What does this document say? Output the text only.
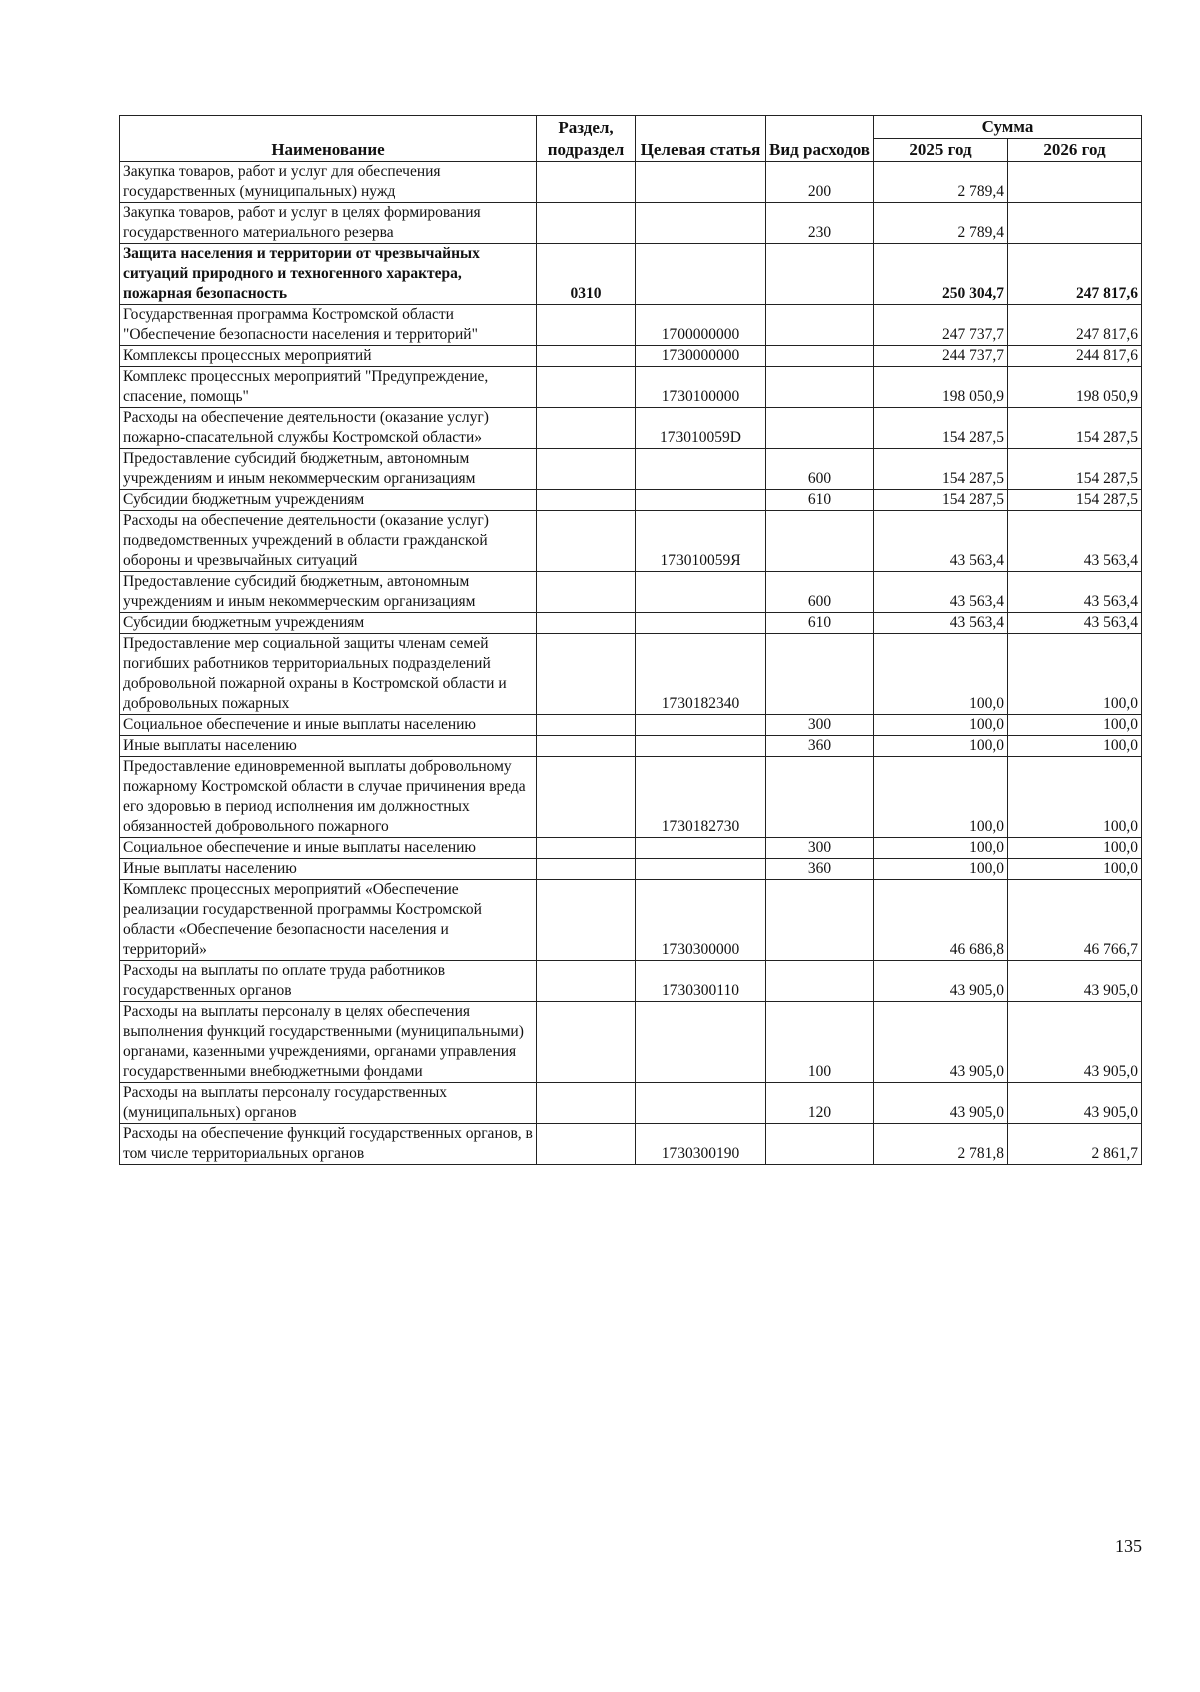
Наименование	Раздел, подраздел	Целевая статья	Вид расходов	Сумма	
				2025 год	2026 год
Закупка товаров, работ и услуг для обеспечения государственных (муниципальных) нужд			200	2 789,4	
Закупка товаров, работ и услуг в целях формирования государственного материального резерва			230	2 789,4	
Защита населения и территории от чрезвычайных ситуаций природного и техногенного характера, пожарная безопасность	0310			250 304,7	247 817,6
Государственная программа Костромской области "Обеспечение безопасности населения и территорий"		1700000000		247 737,7	247 817,6
Комплексы процессных мероприятий		1730000000		244 737,7	244 817,6
Комплекс процессных мероприятий "Предупреждение, спасение, помощь"		1730100000		198 050,9	198 050,9
Расходы на обеспечение деятельности (оказание услуг) пожарно-спасательной службы Костромской области»		173010059D		154 287,5	154 287,5
Предоставление субсидий бюджетным, автономным учреждениям и иным некоммерческим организациям			600	154 287,5	154 287,5
Субсидии бюджетным учреждениям			610	154 287,5	154 287,5
Расходы на обеспечение деятельности (оказание услуг) подведомственных учреждений в области гражданской обороны и чрезвычайных ситуаций		173010059Я		43 563,4	43 563,4
Предоставление субсидий бюджетным, автономным учреждениям и иным некоммерческим организациям			600	43 563,4	43 563,4
Субсидии бюджетным учреждениям			610	43 563,4	43 563,4
Предоставление мер социальной защиты членам семей погибших работников территориальных подразделений добровольной пожарной охраны в Костромской области и добровольных пожарных		1730182340		100,0	100,0
Социальное обеспечение и иные выплаты населению			300	100,0	100,0
Иные выплаты населению			360	100,0	100,0
Предоставление единовременной выплаты добровольному пожарному Костромской области в случае причинения вреда его здоровью в период исполнения им должностных обязанностей добровольного пожарного		1730182730		100,0	100,0
Социальное обеспечение и иные выплаты населению			300	100,0	100,0
Иные выплаты населению			360	100,0	100,0
Комплекс процессных мероприятий «Обеспечение реализации государственной программы Костромской области «Обеспечение безопасности населения и территорий»		1730300000		46 686,8	46 766,7
Расходы на выплаты по оплате труда работников государственных органов		1730300110		43 905,0	43 905,0
Расходы на выплаты персоналу в целях обеспечения выполнения функций государственными (муниципальными) органами, казенными учреждениями, органами управления государственными внебюджетными фондами			100	43 905,0	43 905,0
Расходы на выплаты персоналу государственных (муниципальных) органов			120	43 905,0	43 905,0
Расходы на обеспечение функций государственных органов, в том числе территориальных органов		1730300190		2 781,8	2 861,7
135
